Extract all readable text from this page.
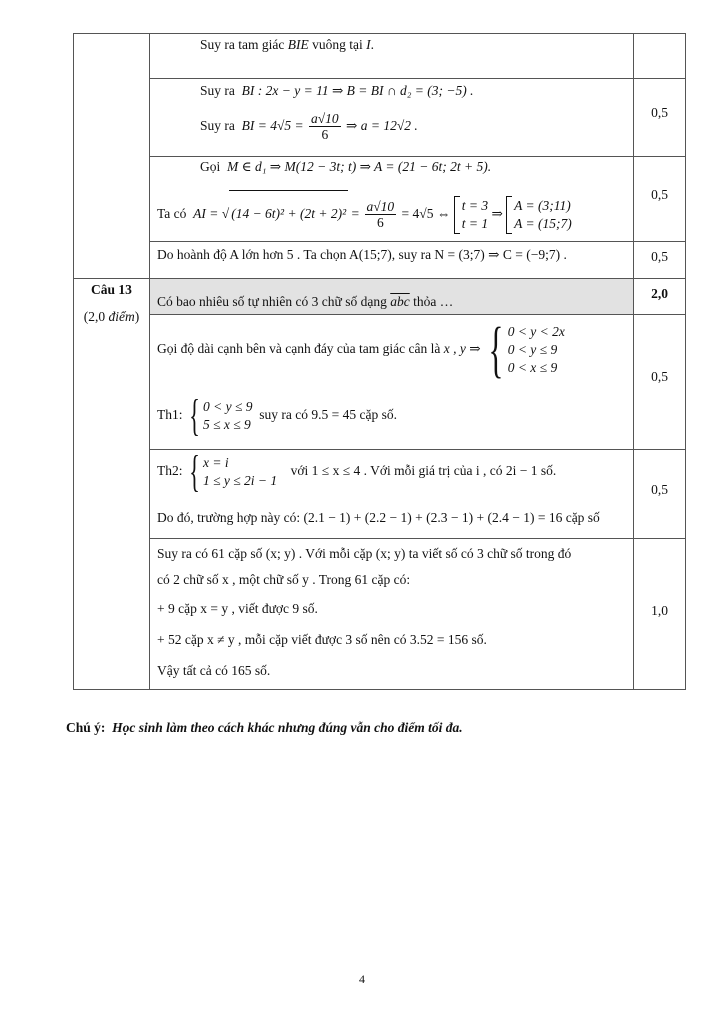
Suy ra tam giác BIE vuông tại I.
Suy ra BI : 2x − y = 11 ⇒ B = BI ∩ d₂ = (3; −5) .
Suy ra BI = $4√5 = \frac{a√10}{6}$ ⇒ a = 12√2 .
0,5
Gọi M ∈ d₁ ⇒ M(12 − 3t; t) ⇒ A = (21 − 6t; 2t + 5).
Ta có AI = √ $(14 - 6t)^2 + (2t + 2)^2 = \frac{a√10}{6} = 4√5$ ⇔
t = 3
t = 1
⇒
A = (3;11)
A = (15;7)
0,5
Do hoành độ A lớn hơn 5 . Ta chọn A(15;7), suy ra N = (3;7) ⇒ C = (−9;7) .	0,5
Câu 13
(2,0 điểm)
Có bao nhiêu số tự nhiên có 3 chữ số dạng $\overline{abc}$ thỏa …
2,0
Gọi độ dài cạnh bên và cạnh đáy của tam giác cân là x , y ⇒ { 0 < y < 2x
0 < y ≤ 9
0 < x ≤ 9
Th1: { 0 < y ≤ 9
5 ≤ x ≤ 9
suy ra có 9.5 = 45 cặp số.
0,5
Th2: { x = i
1 ≤ y ≤ 2i − 1
với 1 ≤ x ≤ 4 . Với mỗi giá trị của i , có 2i − 1 số.
Do đó, trường hợp này có: (2.1 − 1) + (2.2 − 1) + (2.3 − 1) + (2.4 − 1) = 16 cặp số
0,5
Suy ra có 61 cặp số (x; y) . Với mỗi cặp (x; y) ta viết số có 3 chữ số trong đó
có 2 chữ số x , một chữ số y . Trong 61 cặp có:
+ 9 cặp x = y , viết được 9 số.
+ 52 cặp x ≠ y , mỗi cặp viết được 3 số nên có 3.52 = 156 số.
Vậy tất cả có 165 số.
1,0
Chú ý: Học sinh làm theo cách khác nhưng đúng vẫn cho điểm tối đa.
4
